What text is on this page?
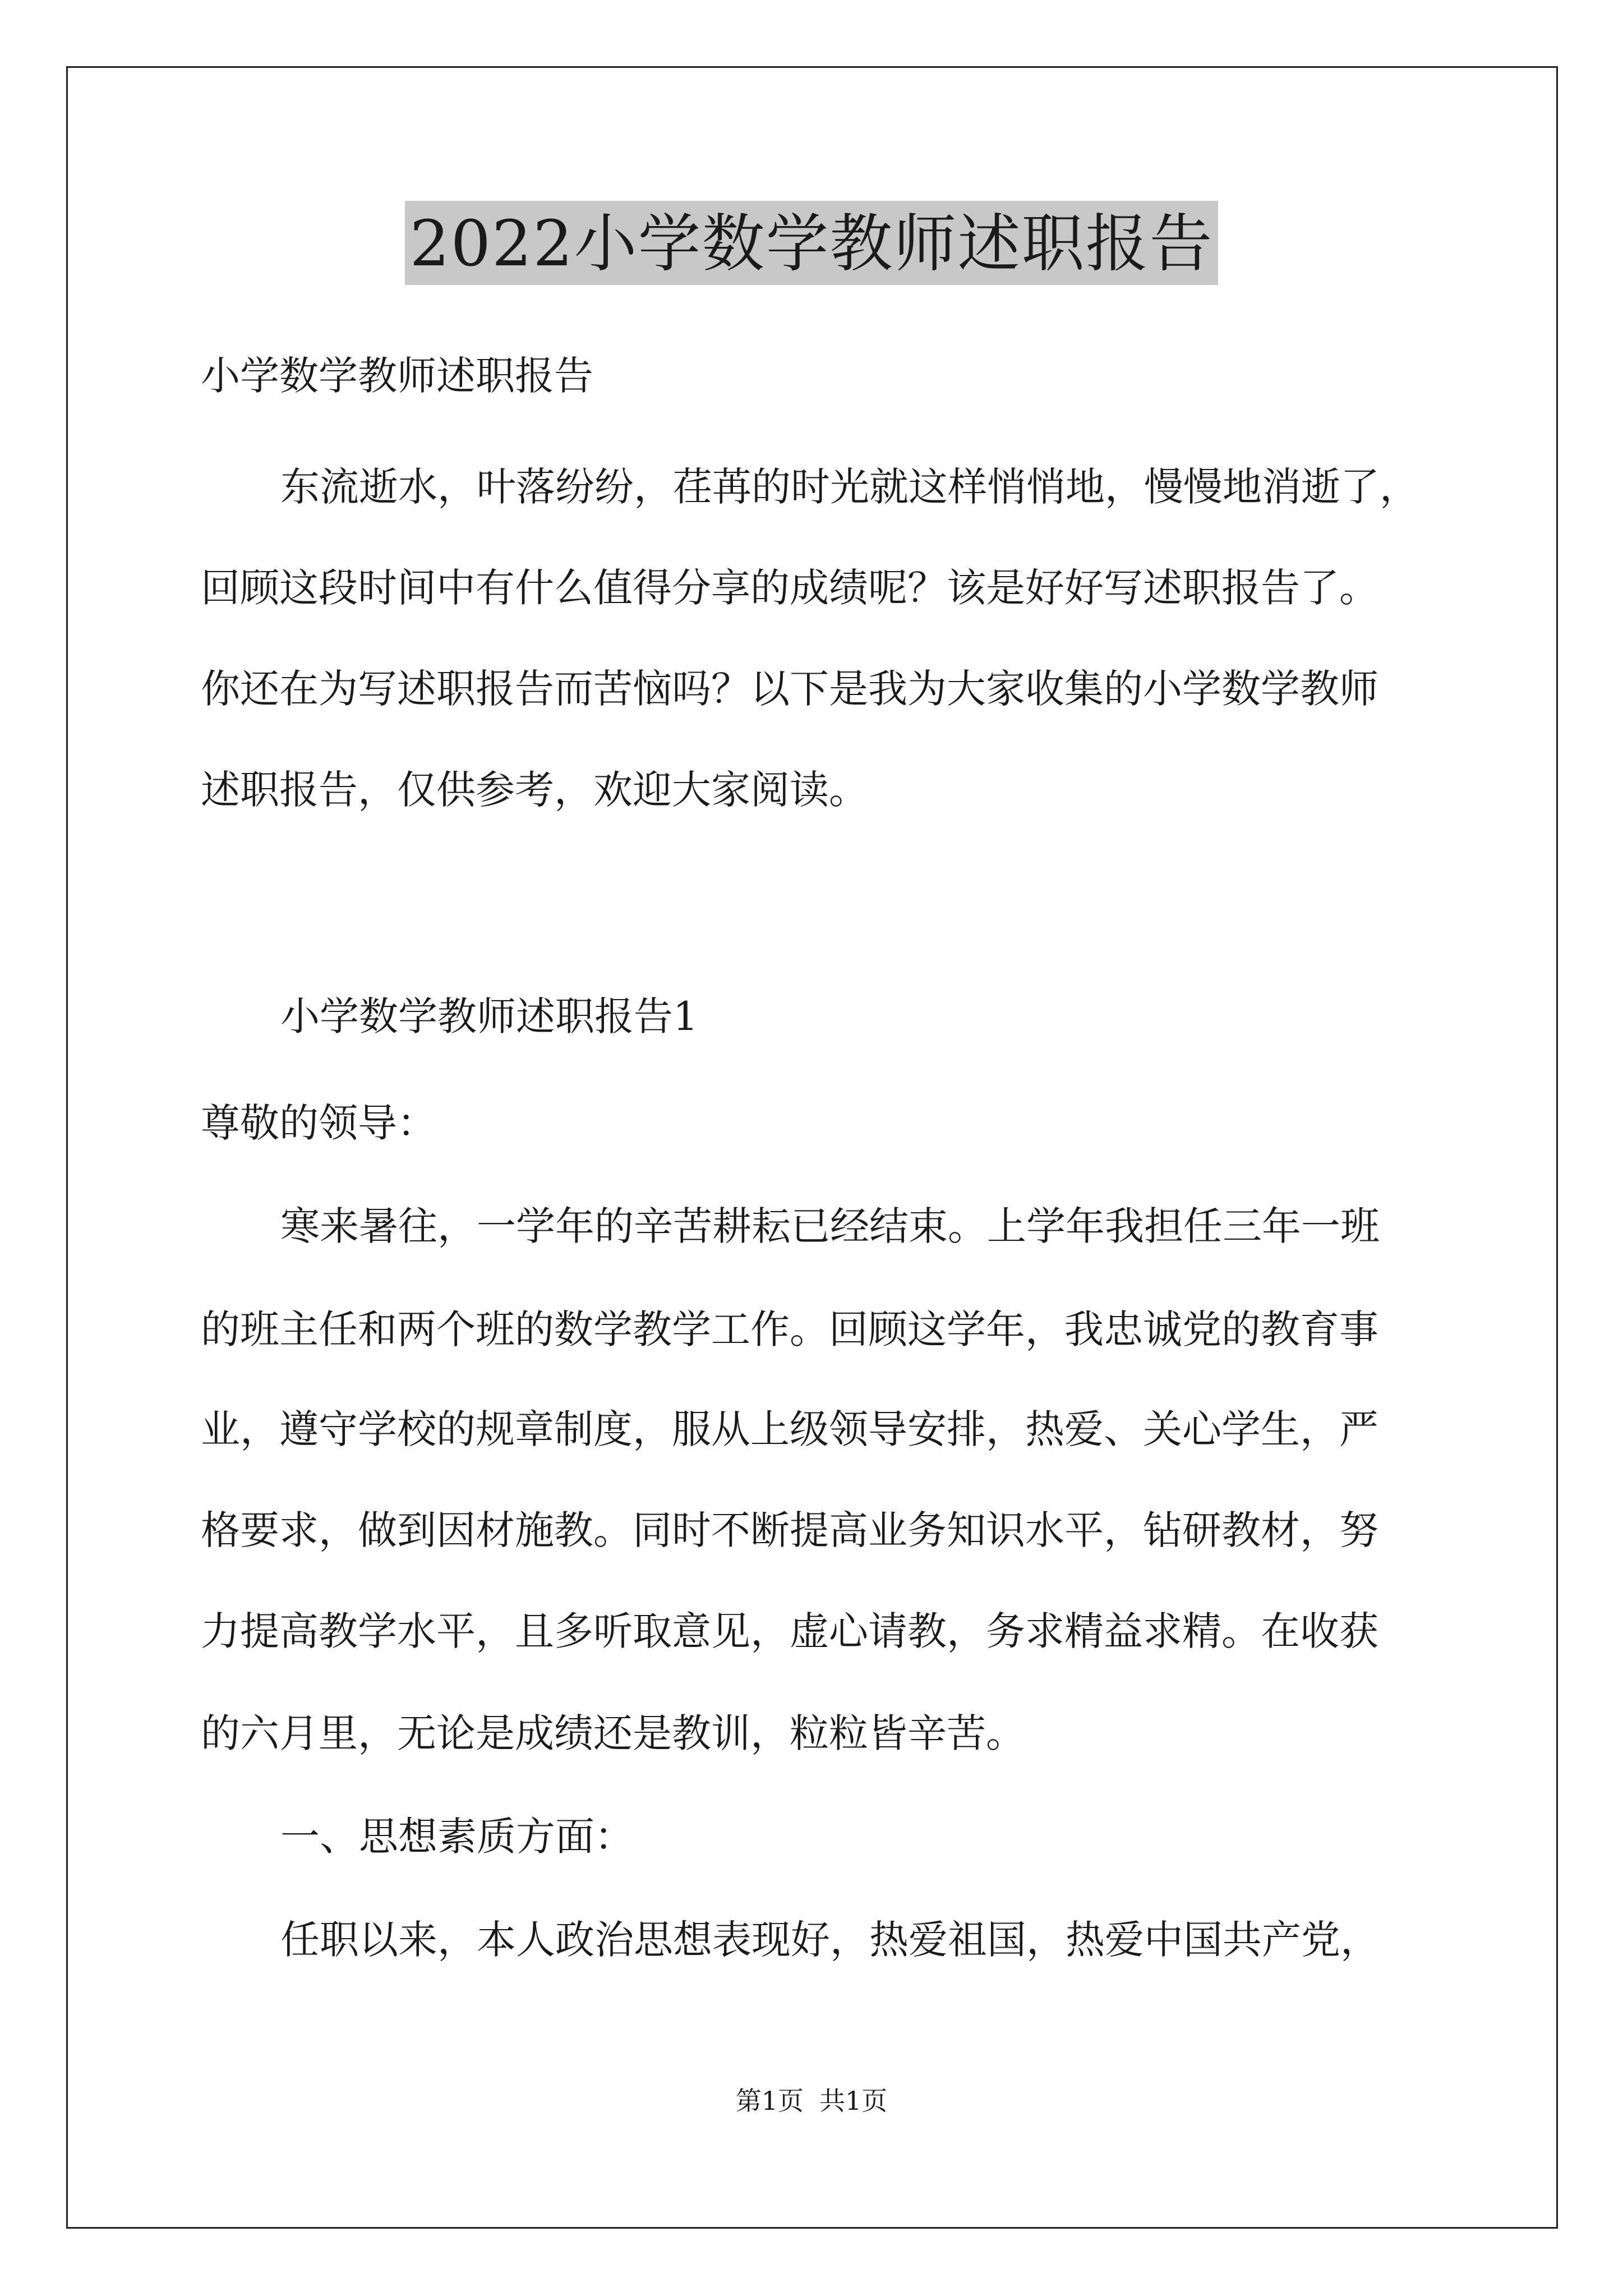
2022小学数学教师述职报告
小学数学教师述职报告
东流逝水，叶落纷纷，荏苒的时光就这样悄悄地，慢慢地消逝了，
回顾这段时间中有什么值得分享的成绩呢？该是好好写述职报告了。
你还在为写述职报告而苦恼吗？以下是我为大家收集的小学数学教师
述职报告，仅供参考，欢迎大家阅读。
小学数学教师述职报告1
尊敬的领导：
寒来暑往，一学年的辛苦耕耘已经结束。上学年我担任三年一班
的班主任和两个班的数学教学工作。回顾这学年，我忠诚党的教育事
业，遵守学校的规章制度，服从上级领导安排，热爱、关心学生，严
格要求，做到因材施教。同时不断提高业务知识水平，钻研教材，努
力提高教学水平，且多听取意见，虚心请教，务求精益求精。在收获
的六月里，无论是成绩还是教训，粒粒皆辛苦。
一、思想素质方面：
任职以来，本人政治思想表现好，热爱祖国，热爱中国共产党，
第1页 共1页
